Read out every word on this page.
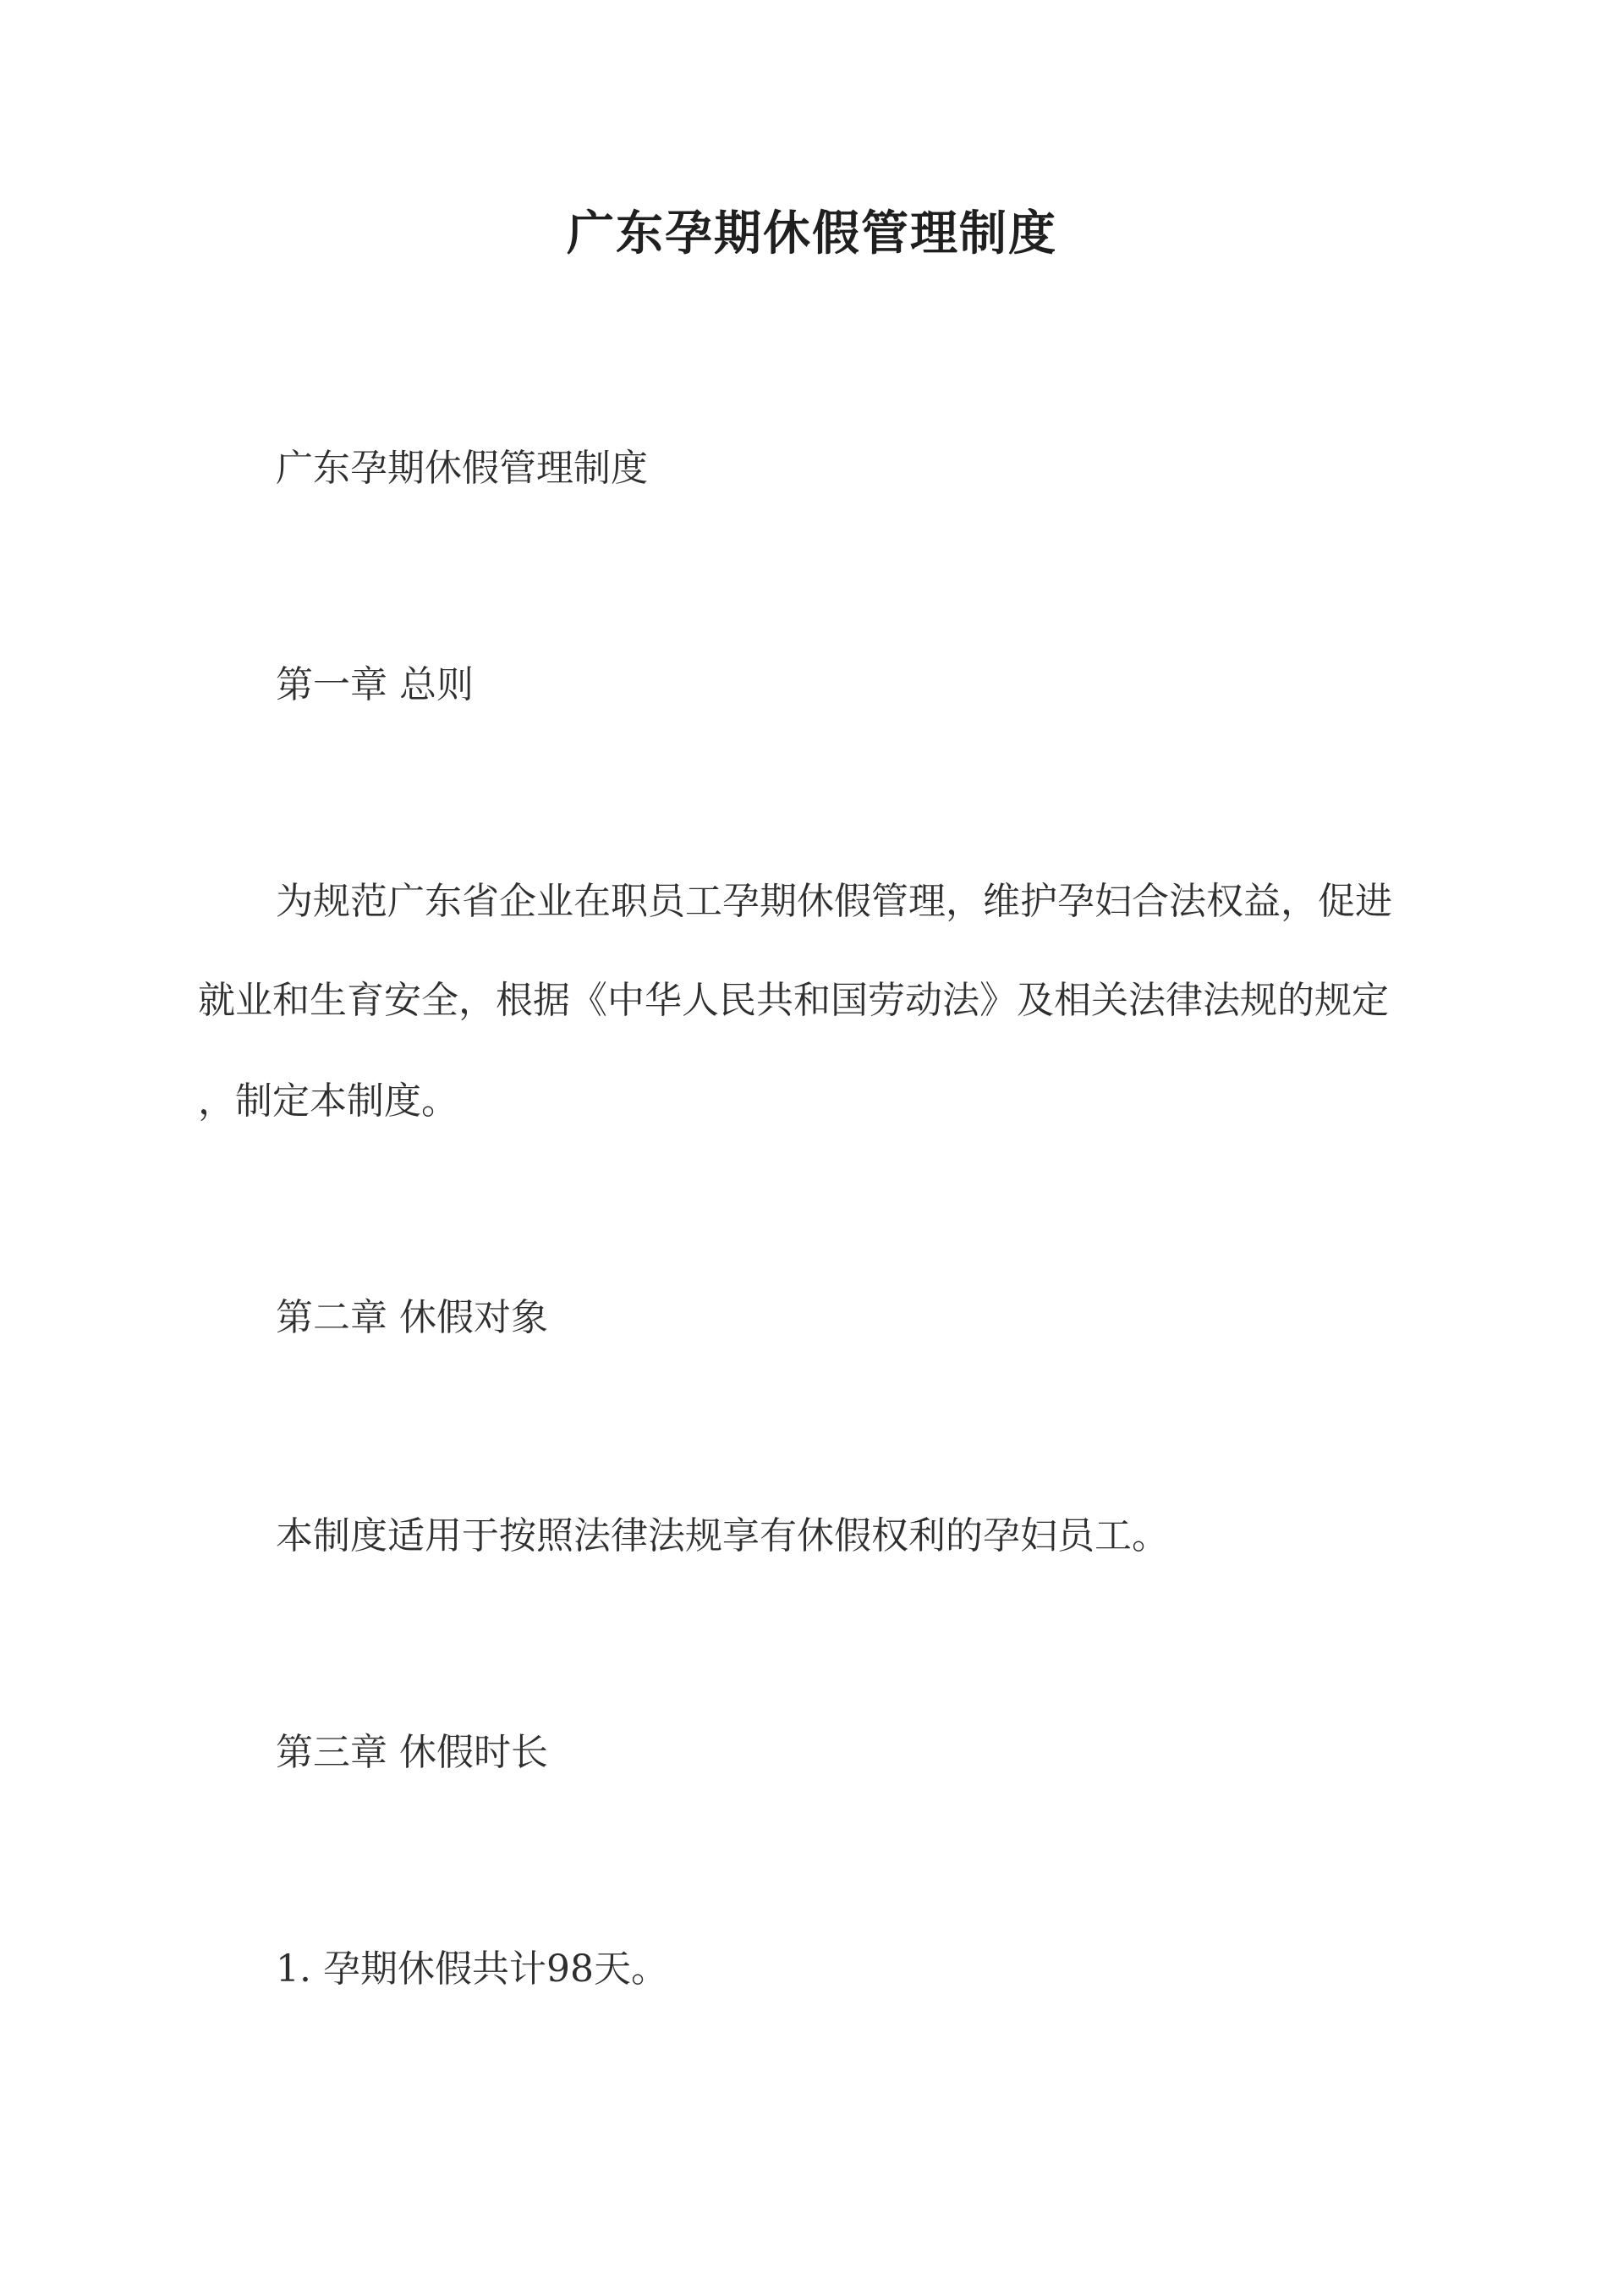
广东孕期休假管理制度

广东孕期休假管理制度

第一章 总则

为规范广东省企业在职员工孕期休假管理，维护孕妇合法权益，促进

就业和生育安全，根据《中华人民共和国劳动法》及相关法律法规的规定

，制定本制度。

第二章 休假对象

本制度适用于按照法律法规享有休假权利的孕妇员工。

第三章 休假时长

1. 孕期休假共计98天。
